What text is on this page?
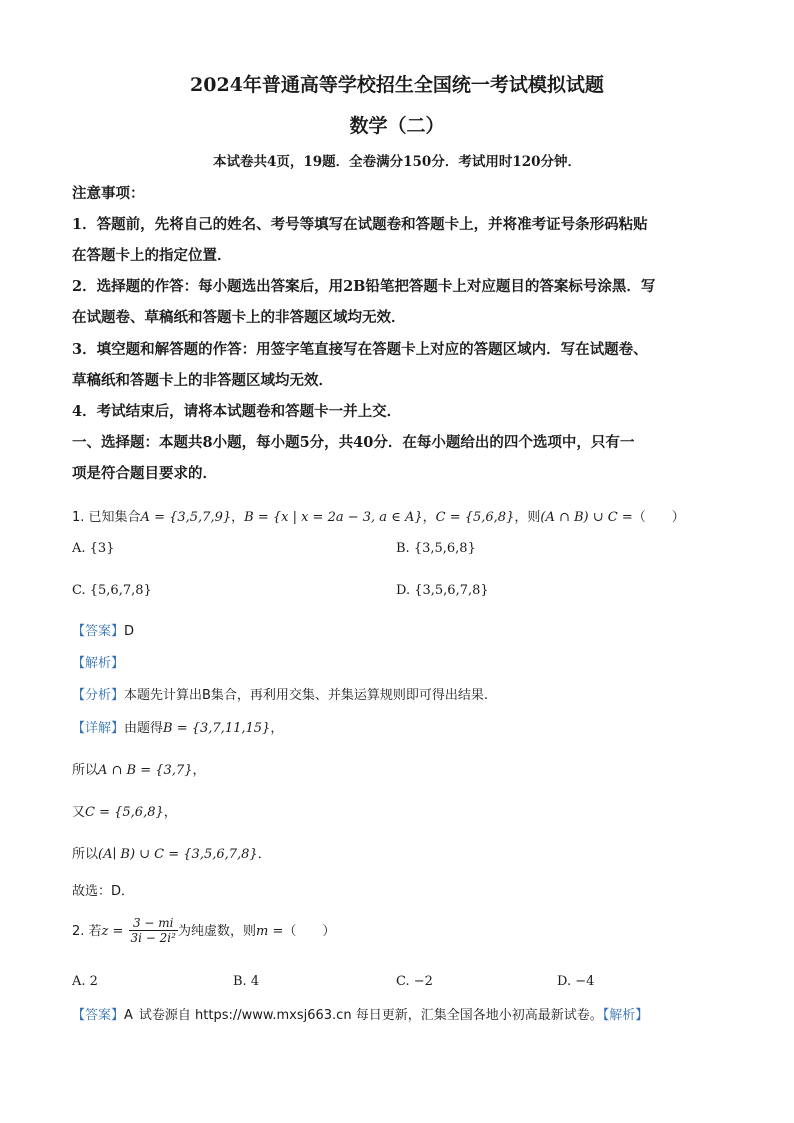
2024年普通高等学校招生全国统一考试模拟试题
数学（二）
本试卷共4页，19题．全卷满分150分．考试用时120分钟．
注意事项：
1．答题前，先将自己的姓名、考号等填写在试题卷和答题卡上，并将准考证号条形码粘贴
在答题卡上的指定位置．
2．选择题的作答：每小题选出答案后，用2B铅笔把答题卡上对应题目的答案标号涂黑．写
在试题卷、草稿纸和答题卡上的非答题区域均无效．
3．填空题和解答题的作答：用签字笔直接写在答题卡上对应的答题区域内．写在试题卷、
草稿纸和答题卡上的非答题区域均无效．
4．考试结束后，请将本试题卷和答题卡一并上交．
一、选择题：本题共8小题，每小题5分，共40分．在每小题给出的四个选项中，只有一
项是符合题目要求的．
1. 已知集合A = {3,5,7,9}，B = {x | x = 2a − 3, a ∈ A}，C = {5,6,8}，则(A ∩ B) ∪ C =（　　）
A. {3}	B. {3,5,6,8}
C. {5,6,7,8}	D. {3,5,6,7,8}
【答案】D
【解析】
【分析】本题先计算出B集合，再利用交集、并集运算规则即可得出结果.
【详解】由题得B = {3,7,11,15}，
所以A ∩ B = {3,7}，
又C = {5,6,8}，
所以(A∣ B) ∪ C = {3,5,6,7,8}．
故选：D．
2. 若$z = \frac{3 - mi}{\text{3i − 2i²}}$ 为纯虚数，则m =（　　）
A. 2	B. 4	C. −2	D. −4
【答案】A 试卷源自 https://www.mxsj663.cn 每日更新，汇集全国各地小初高最新试卷。【解析】
